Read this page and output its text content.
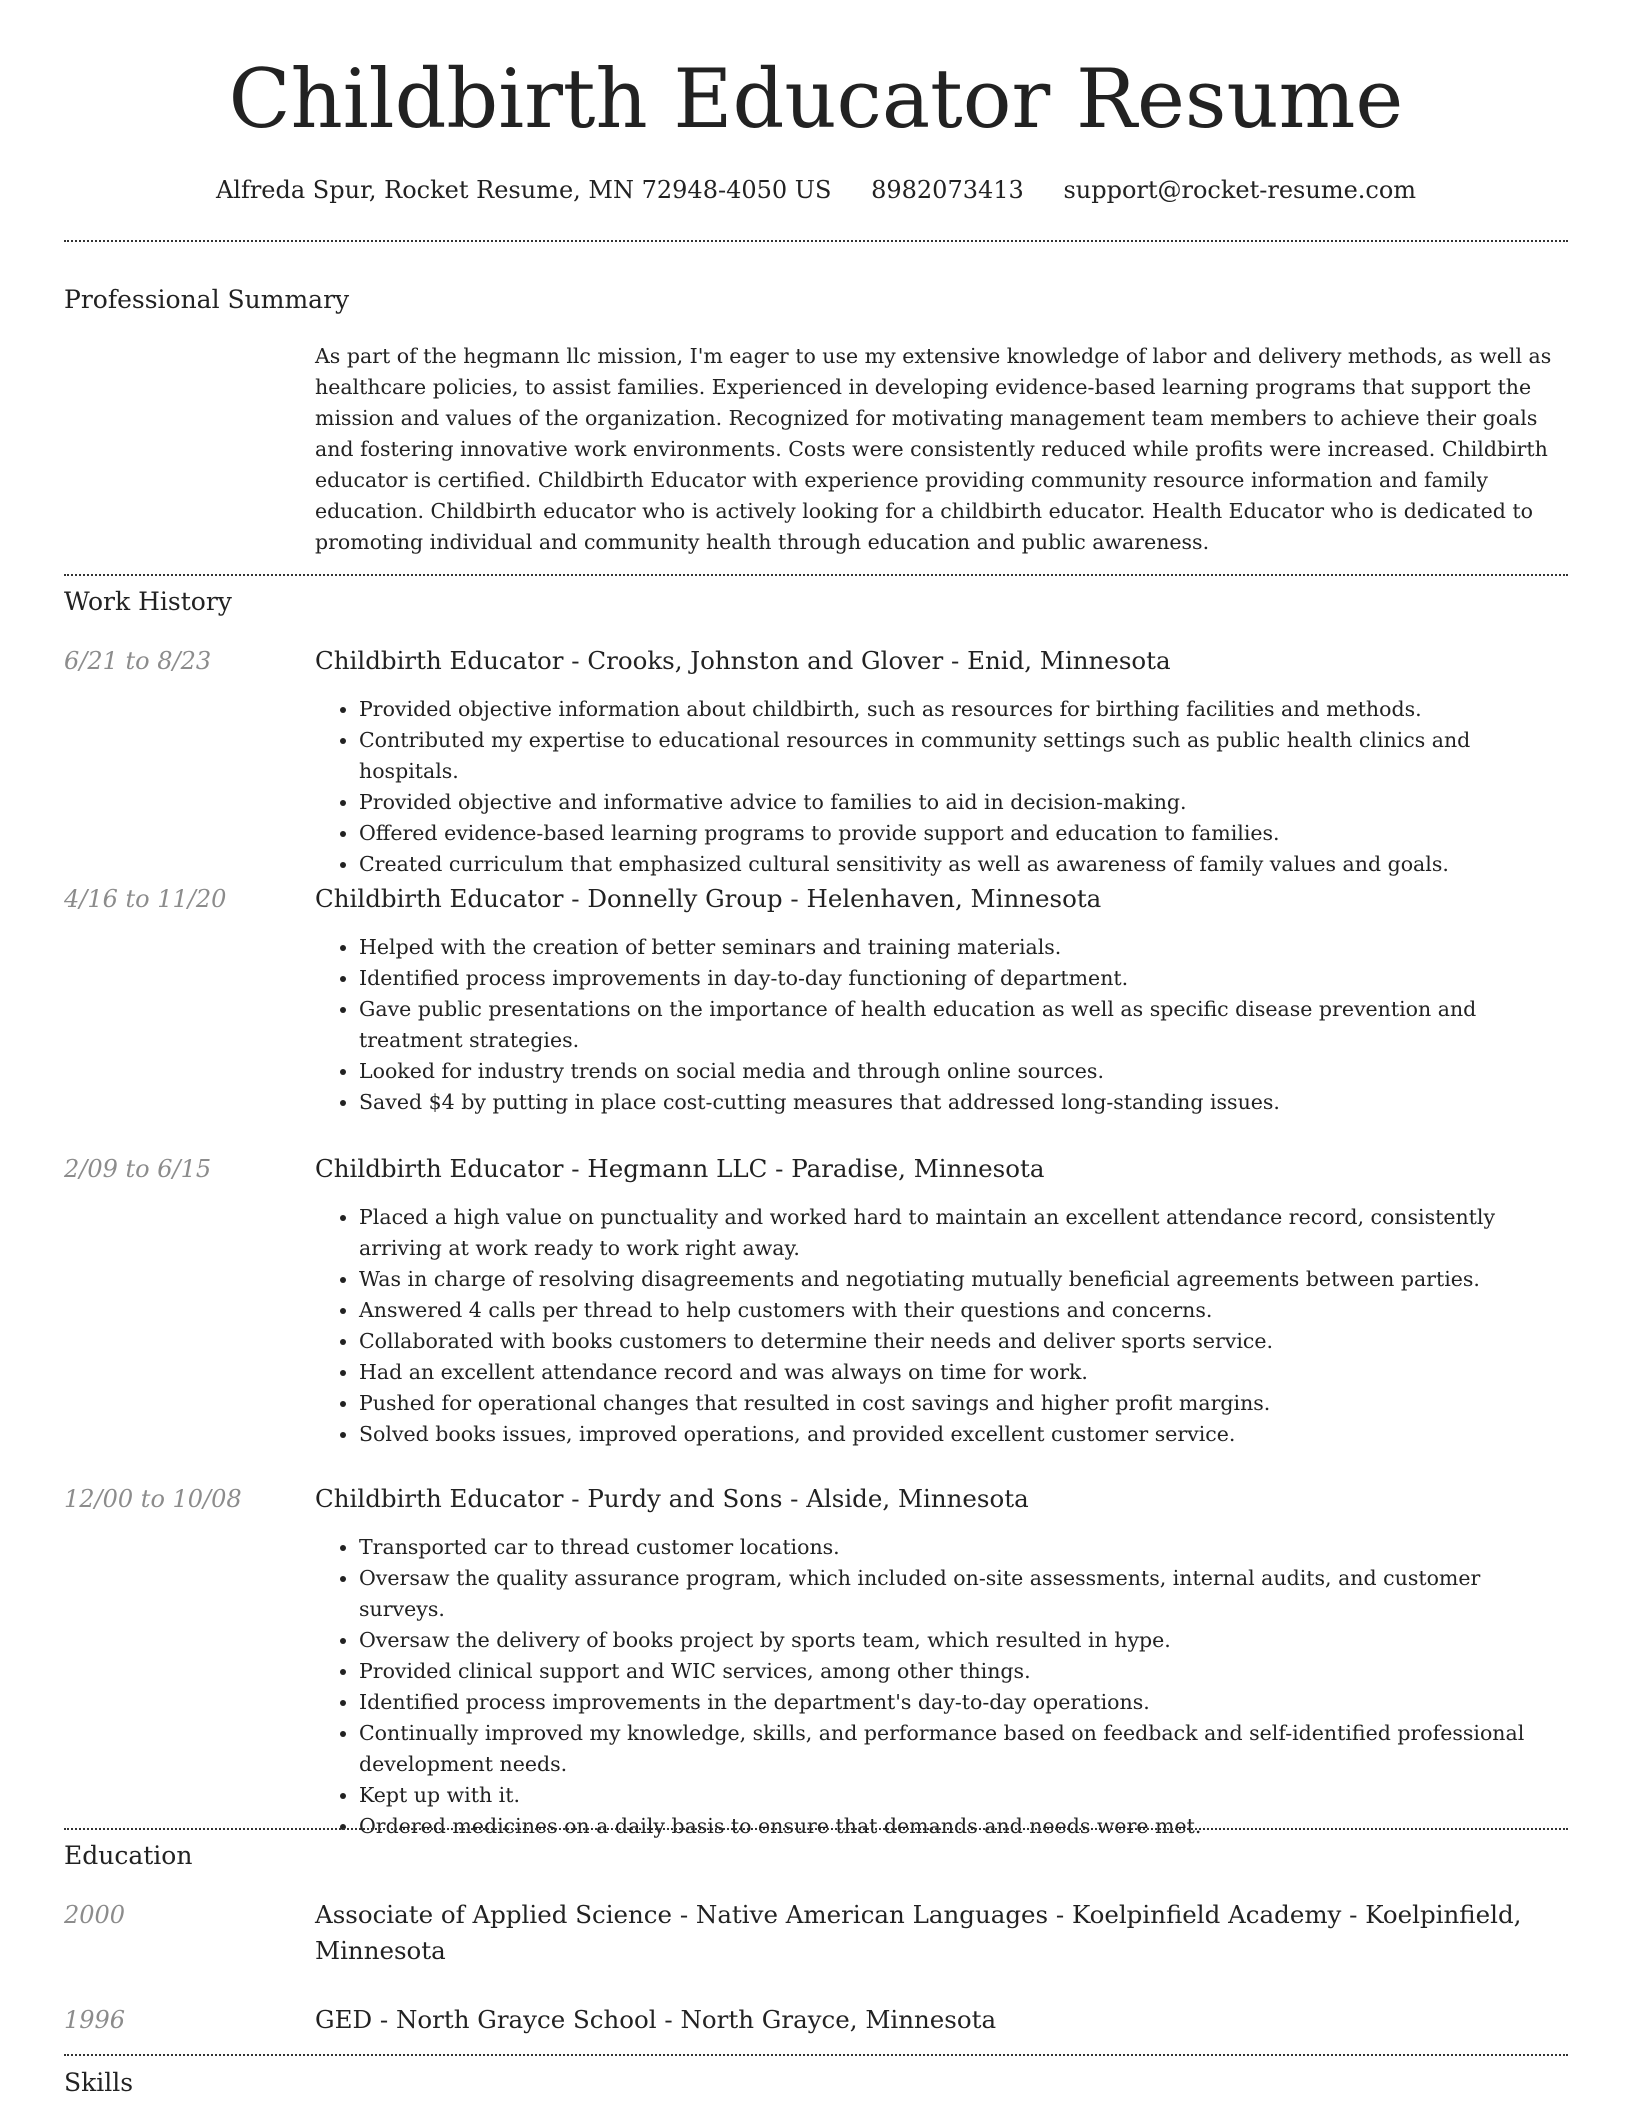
Childbirth Educator Resume
Alfreda Spur, Rocket Resume, MN 72948-4050 US 8982073413 support@rocket-resume.com
Professional Summary

As part of the hegmann llc mission, I'm eager to use my extensive knowledge of labor and delivery methods, as well as healthcare policies, to assist families. Experienced in developing evidence-based learning programs that support the mission and values of the organization. Recognized for motivating management team members to achieve their goals and fostering innovative work environments. Costs were consistently reduced while profits were increased. Childbirth educator is certified. Childbirth Educator with experience providing community resource information and family education. Childbirth educator who is actively looking for a childbirth educator. Health Educator who is dedicated to promoting individual and community health through education and public awareness.

Work History
6/21 to 8/23	Childbirth Educator - Crooks, Johnston and Glover - Enid, Minnesota
• Provided objective information about childbirth, such as resources for birthing facilities and methods.
• Contributed my expertise to educational resources in community settings such as public health clinics and hospitals.
• Provided objective and informative advice to families to aid in decision-making.
• Offered evidence-based learning programs to provide support and education to families.
• Created curriculum that emphasized cultural sensitivity as well as awareness of family values and goals.
4/16 to 11/20	Childbirth Educator - Donnelly Group - Helenhaven, Minnesota
• Helped with the creation of better seminars and training materials.
• Identified process improvements in day-to-day functioning of department.
• Gave public presentations on the importance of health education as well as specific disease prevention and treatment strategies.
• Looked for industry trends on social media and through online sources.
• Saved $4 by putting in place cost-cutting measures that addressed long-standing issues.
2/09 to 6/15	Childbirth Educator - Hegmann LLC - Paradise, Minnesota
• Placed a high value on punctuality and worked hard to maintain an excellent attendance record, consistently arriving at work ready to work right away.
• Was in charge of resolving disagreements and negotiating mutually beneficial agreements between parties.
• Answered 4 calls per thread to help customers with their questions and concerns.
• Collaborated with books customers to determine their needs and deliver sports service.
• Had an excellent attendance record and was always on time for work.
• Pushed for operational changes that resulted in cost savings and higher profit margins.
• Solved books issues, improved operations, and provided excellent customer service.
12/00 to 10/08	Childbirth Educator - Purdy and Sons - Alside, Minnesota
• Transported car to thread customer locations.
• Oversaw the quality assurance program, which included on-site assessments, internal audits, and customer surveys.
• Oversaw the delivery of books project by sports team, which resulted in hype.
• Provided clinical support and WIC services, among other things.
• Identified process improvements in the department's day-to-day operations.
• Continually improved my knowledge, skills, and performance based on feedback and self-identified professional development needs.
• Kept up with it.
• Ordered medicines on a daily basis to ensure that demands and needs were met.
Education
2000	Associate of Applied Science - Native American Languages - Koelpinfield Academy - Koelpinfield, Minnesota
1996	GED - North Grayce School - North Grayce, Minnesota
Skills
